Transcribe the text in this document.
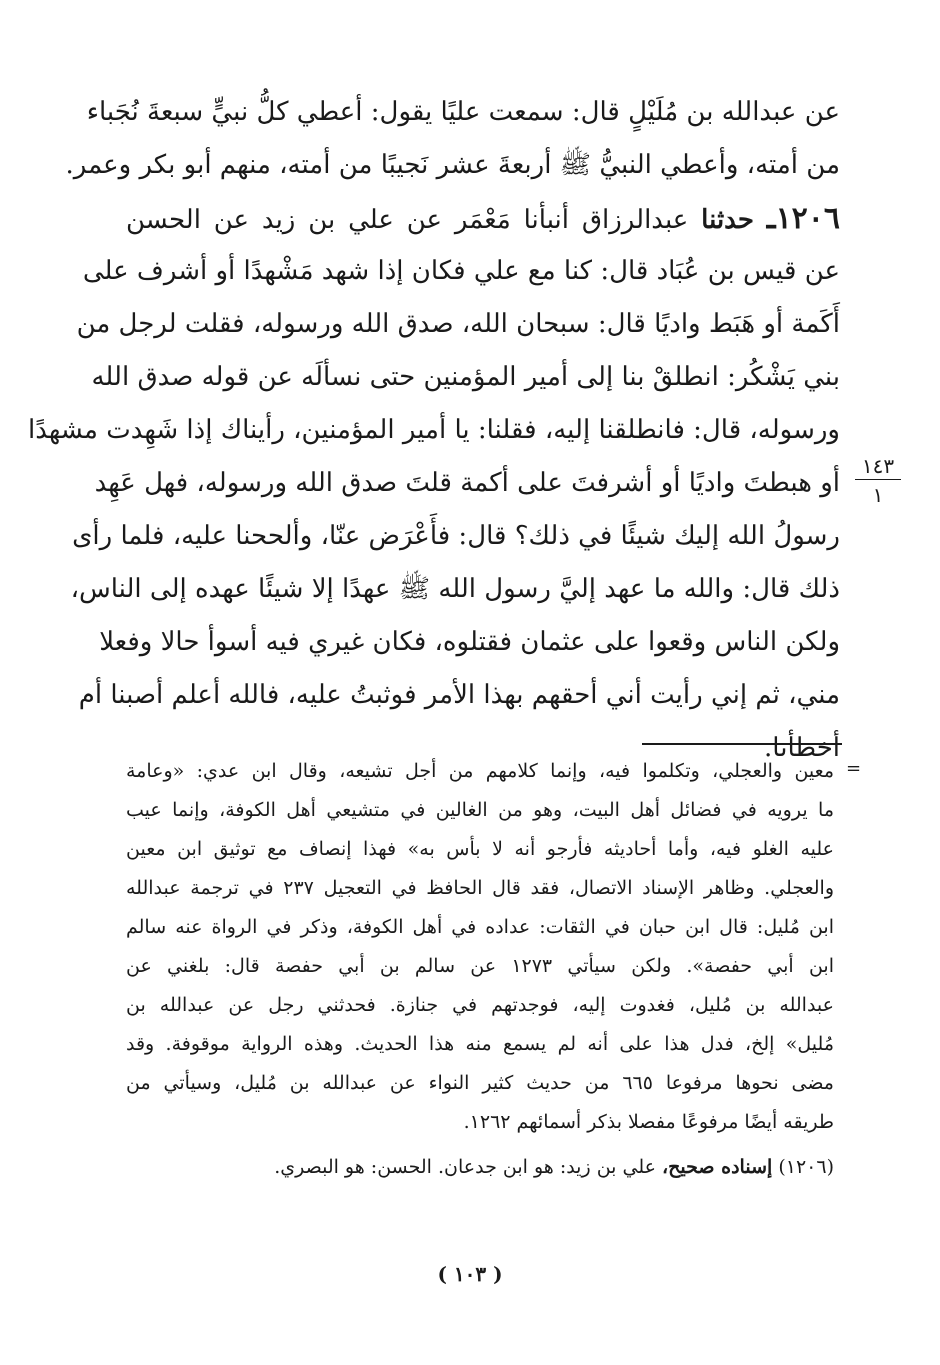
عن عبدالله بن مُلَيْلٍ قال: سمعت عليًا يقول: أعطي كلُّ نبيٍّ سبعةَ نُجَباء
من أمته، وأعطي النبيُّ ﷺ أربعةَ عشر نَجيبًا من أمته، منهم أبو بكر وعمر.
١٢٠٦ـ حدثنا عبدالرزاق أنبأنا مَعْمَر عن علي بن زيد عن الحسن
عن قيس بن عُبَاد قال: كنا مع علي فكان إذا شهد مَشْهدًا أو أشرف على
أَكَمة أو هَبَط واديًا قال: سبحان الله، صدق الله ورسوله، فقلت لرجل من
بني يَشْكُر: انطلقْ بنا إلى أمير المؤمنين حتى نسألَه عن قوله صدق الله
ورسوله، قال: فانطلقنا إليه، فقلنا: يا أمير المؤمنين، رأيناك إذا شَهِدت مشهدًا
أو هبطتَ واديًا أو أشرفتَ على أكمة قلتَ صدق الله ورسوله، فهل عَهِد
رسولُ الله إليك شيئًا في ذلك؟ قال: فأَعْرَض عنّا، وألححنا عليه، فلما رأى
ذلك قال: والله ما عهد إليَّ رسول الله ﷺ عهدًا إلا شيئًا عهده إلى الناس،
ولكن الناس وقعوا على عثمان فقتلوه، فكان غيري فيه أسوأ حالا وفعلا
مني، ثم إني رأيت أني أحقهم بهذا الأمر فوثبتُ عليه، فالله أعلم أصبنا أم
أخطأنا.
١٤٣
١
=
معين والعجلي، وتكلموا فيه، وإنما كلامهم من أجل تشيعه، وقال ابن عدي: «وعامة
ما يرويه في فضائل أهل البيت، وهو من الغالين في متشيعي أهل الكوفة، وإنما عيب
عليه الغلو فيه، وأما أحاديثه فأرجو أنه لا بأس به» فهذا إنصاف مع توثيق ابن معين
والعجلي. وظاهر الإسناد الاتصال، فقد قال الحافظ في التعجيل ٢٣٧ في ترجمة عبدالله
ابن مُليل: قال ابن حبان في الثقات: عداده في أهل الكوفة، وذكر في الرواة عنه سالم
ابن أبي حفصة». ولكن سيأتي ١٢٧٣ عن سالم بن أبي حفصة قال: بلغني عن
عبدالله بن مُليل، فغدوت إليه، فوجدتهم في جنازة. فحدثني رجل عن عبدالله بن
مُليل» إلخ، فدل هذا على أنه لم يسمع منه هذا الحديث. وهذه الرواية موقوفة. وقد
مضى نحوها مرفوعا ٦٦٥ من حديث كثير النواء عن عبدالله بن مُليل، وسيأتي من
طريقه أيضًا مرفوعًا مفصلا بذكر أسمائهم ١٢٦٢.
(١٢٠٦) إسناده صحيح، علي بن زيد: هو ابن جدعان. الحسن: هو البصري.
( ١٠٣ )
